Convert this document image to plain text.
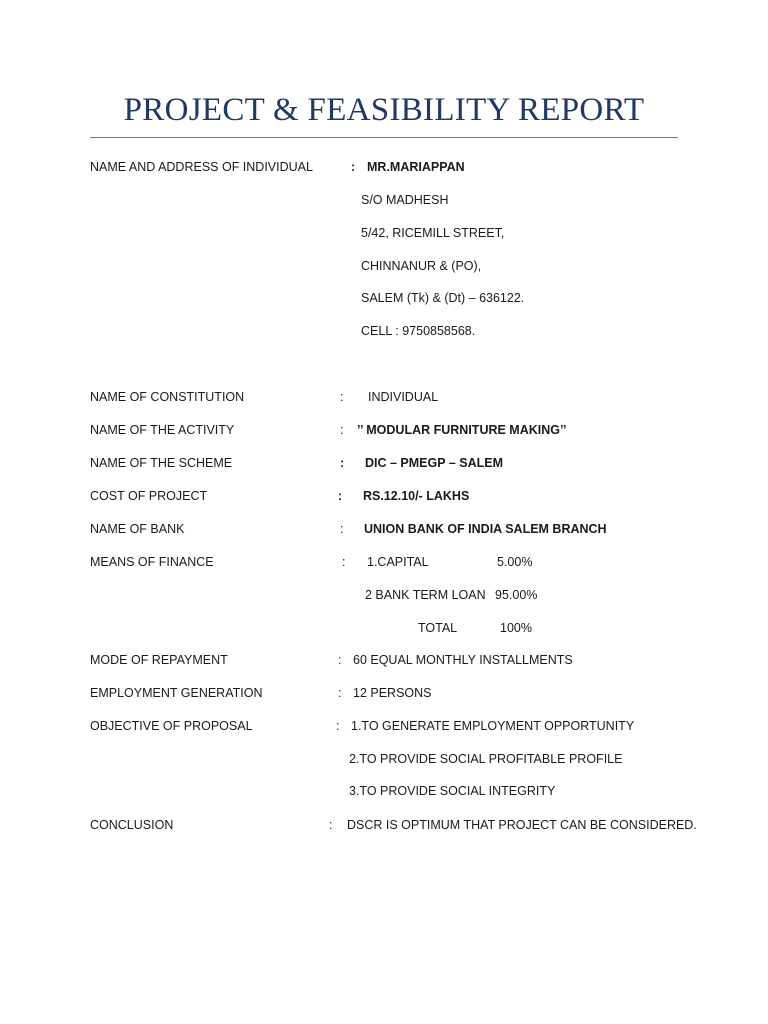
PROJECT & FEASIBILITY REPORT
NAME AND ADDRESS OF INDIVIDUAL	: MR.MARIAPPAN
S/O MADHESH
5/42, RICEMILL STREET,
CHINNANUR & (PO),
SALEM (Tk) & (Dt) – 636122.
CELL : 9750858568.
NAME OF CONSTITUTION	: INDIVIDUAL
NAME OF THE ACTIVITY	: ’’ MODULAR FURNITURE MAKING’’
NAME OF THE SCHEME	: DIC – PMEGP – SALEM
COST OF PROJECT	: RS.12.10/- LAKHS
NAME OF BANK	: UNION BANK OF INDIA SALEM BRANCH
MEANS OF FINANCE	: 1.CAPITAL	5.00%
2 BANK TERM LOAN 95.00%
TOTAL	100%
MODE OF REPAYMENT	: 60 EQUAL MONTHLY INSTALLMENTS
EMPLOYMENT GENERATION	: 12 PERSONS
OBJECTIVE OF PROPOSAL	: 1.TO GENERATE EMPLOYMENT OPPORTUNITY
2.TO PROVIDE SOCIAL PROFITABLE PROFILE
3.TO PROVIDE SOCIAL INTEGRITY
CONCLUSION	: DSCR IS OPTIMUM THAT PROJECT CAN BE CONSIDERED.
